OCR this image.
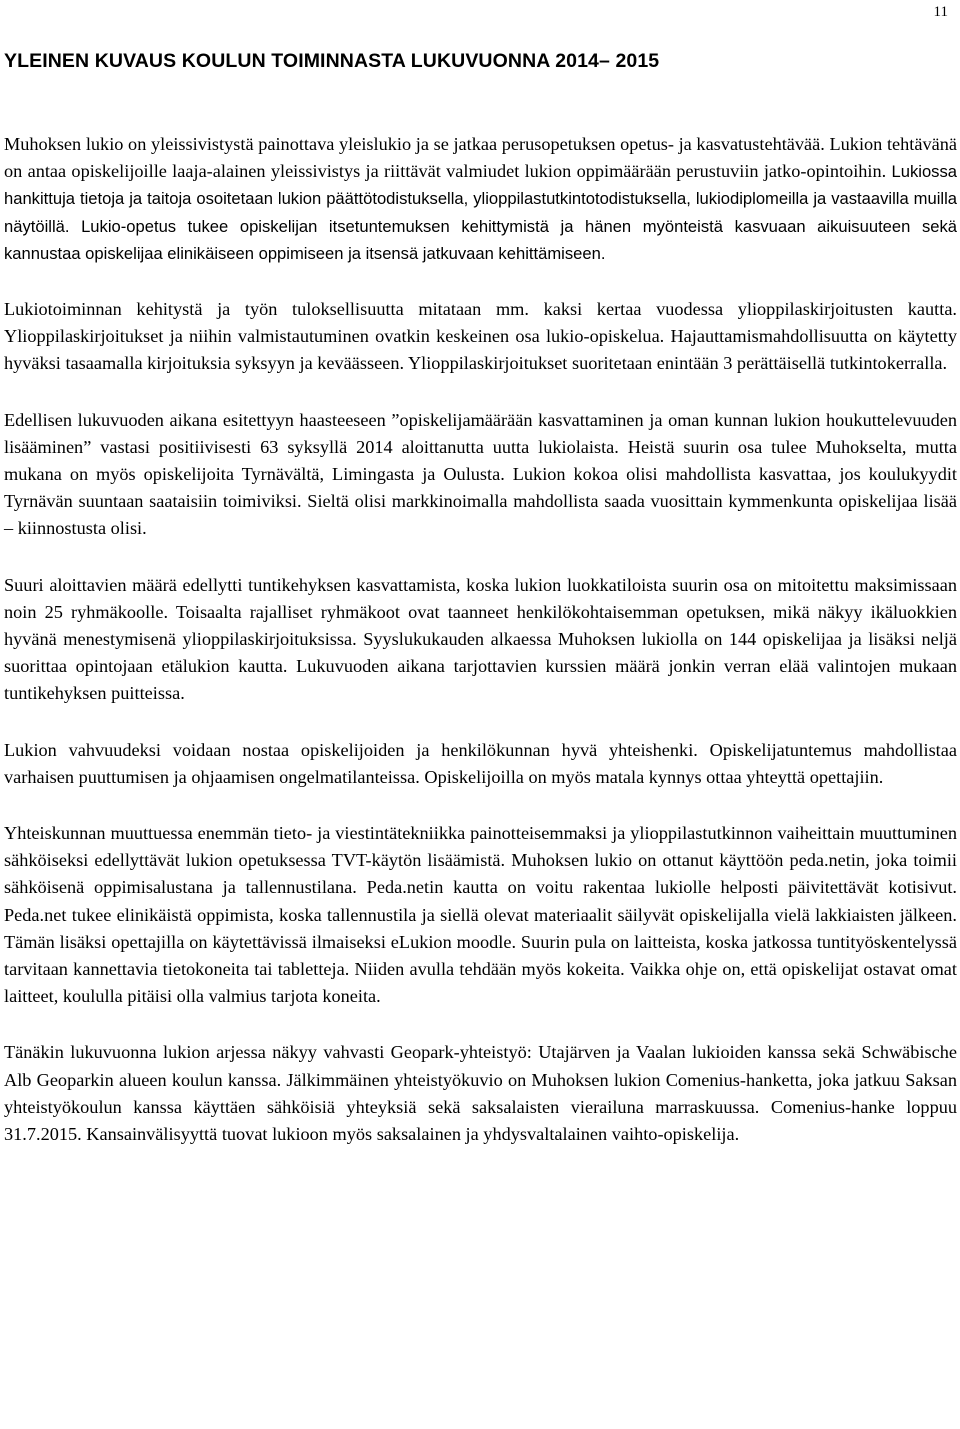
11
YLEINEN KUVAUS KOULUN TOIMINNASTA LUKUVUONNA 2014– 2015

Muhoksen lukio on yleissivistystä painottava yleislukio ja se jatkaa perusopetuksen opetus- ja kasvatustehtävää. Lukion tehtävänä on antaa opiskelijoille laaja-alainen yleissivistys ja riittävät valmiudet lukion oppimäärään perustuviin jatko-opintoihin. Lukiossa hankittuja tietoja ja taitoja osoitetaan lukion päättötodistuksella, ylioppilastutkintotodistuksella, lukiodiplomeilla ja vastaavilla muilla näytöillä. Lukio-opetus tukee opiskelijan itsetuntemuksen kehittymistä ja hänen myönteistä kasvuaan aikuisuuteen sekä kannustaa opiskelijaa elinikäiseen oppimiseen ja itsensä jatkuvaan kehittämiseen.

Lukiotoiminnan kehitystä ja työn tuloksellisuutta mitataan mm. kaksi kertaa vuodessa ylioppilaskirjoitusten kautta. Ylioppilaskirjoitukset ja niihin valmistautuminen ovatkin keskeinen osa lukio-opiskelua. Hajauttamismahdollisuutta on käytetty hyväksi tasaamalla kirjoituksia syksyyn ja keväässeen. Ylioppilaskirjoitukset suoritetaan enintään 3 perättäisellä tutkintokerralla.

Edellisen lukuvuoden aikana esitettyyn haasteeseen ”opiskelijamäärään kasvattaminen ja oman kunnan lukion houkuttelevuuden lisääminen” vastasi positiivisesti 63 syksyllä 2014 aloittanutta uutta lukiolaista. Heistä suurin osa tulee Muhokselta, mutta mukana on myös opiskelijoita Tyrnävältä, Limingasta ja Oulusta. Lukion kokoa olisi mahdollista kasvattaa, jos koulukyydit Tyrnävän suuntaan saataisiin toimiviksi. Sieltä olisi markkinoimalla mahdollista saada vuosittain kymmenkunta opiskelijaa lisää – kiinnostusta olisi.

Suuri aloittavien määrä edellytti tuntikehyksen kasvattamista, koska lukion luokkatiloista suurin osa on mitoitettu maksimissaan noin 25 ryhmäkoolle. Toisaalta rajalliset ryhmäkoot ovat taanneet henkilökohtaisemman opetuksen, mikä näkyy ikäluokkien hyvänä menestymisenä ylioppilaskirjoituksissa. Syyslukukauden alkaessa Muhoksen lukiolla on 144 opiskelijaa ja lisäksi neljä suorittaa opintojaan etälukion kautta. Lukuvuoden aikana tarjottavien kurssien määrä jonkin verran elää valintojen mukaan tuntikehyksen puitteissa.

Lukion vahvuudeksi voidaan nostaa opiskelijoiden ja henkilökunnan hyvä yhteishenki. Opiskelijatuntemus mahdollistaa varhaisen puuttumisen ja ohjaamisen ongelmatilanteissa. Opiskelijoilla on myös matala kynnys ottaa yhteyttä opettajiin.

Yhteiskunnan muuttuessa enemmän tieto- ja viestintätekniikka painotteisemmaksi ja ylioppilastutkinnon vaiheittain muuttuminen sähköiseksi edellyttävät lukion opetuksessa TVT-käytön lisäämistä. Muhoksen lukio on ottanut käyttöön peda.netin, joka toimii sähköisenä oppimisalustana ja tallennustilana. Peda.netin kautta on voitu rakentaa lukiolle helposti päivitettävät kotisivut. Peda.net tukee elinikäistä oppimista, koska tallennustila ja siellä olevat materiaalit säilyvät opiskelijalla vielä lakkiaisten jälkeen. Tämän lisäksi opettajilla on käytettävissä ilmaiseksi eLukion moodle. Suurin pula on laitteista, koska jatkossa tuntityöskentelyssä tarvitaan kannettavia tietokoneita tai tabletteja. Niiden avulla tehdään myös kokeita. Vaikka ohje on, että opiskelijat ostavat omat laitteet, koululla pitäisi olla valmius tarjota koneita.

Tänäkin lukuvuonna lukion arjessa näkyy vahvasti Geopark-yhteistyö: Utajärven ja Vaalan lukioiden kanssa sekä Schwäbische Alb Geoparkin alueen koulun kanssa. Jälkimmäinen yhteistyökuvio on Muhoksen lukion Comenius-hanketta, joka jatkuu Saksan yhteistyökoulun kanssa käyttäen sähköisiä yhteyksiä sekä saksalaisten vierailuna marraskuussa. Comenius-hanke loppuu 31.7.2015. Kansainvälisyyttä tuovat lukioon myös saksalainen ja yhdysvaltalainen vaihto-opiskelija.
